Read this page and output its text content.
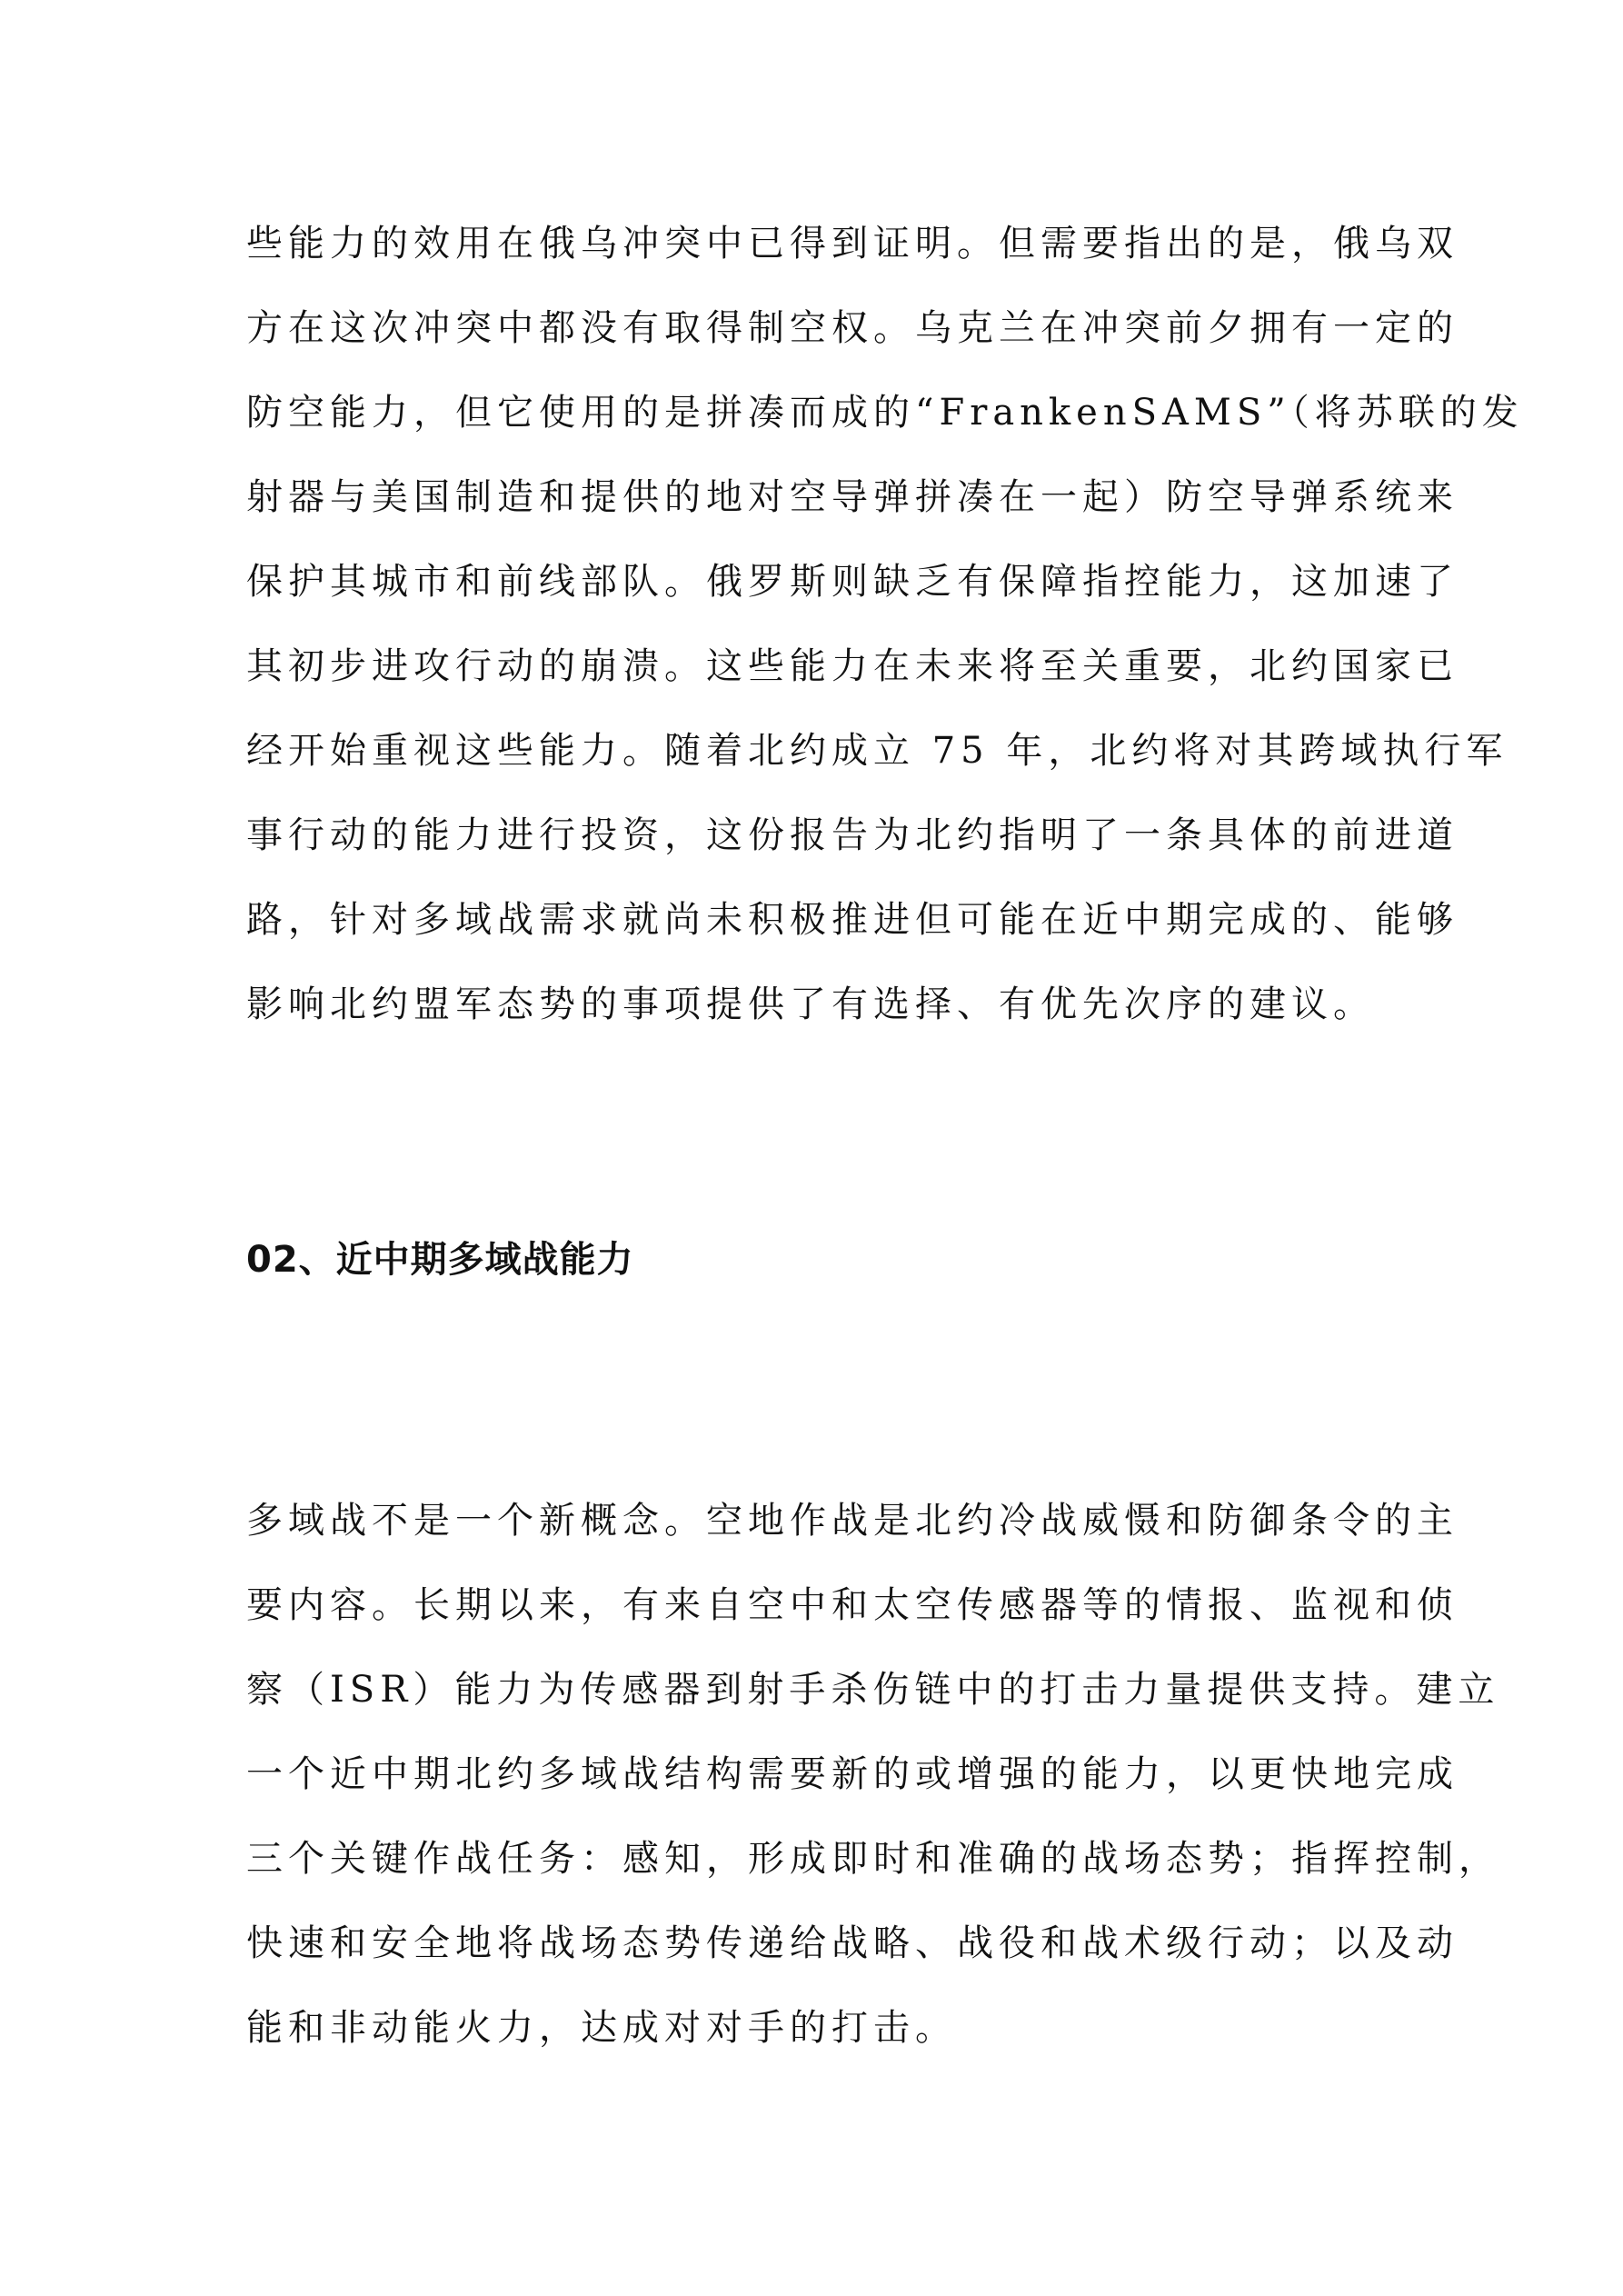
些能力的效用在俄乌冲突中已得到证明。但需要指出的是，俄乌双
方在这次冲突中都没有取得制空权。乌克兰在冲突前夕拥有一定的
防空能力，但它使用的是拼凑而成的“FrankenSAMS”（将苏联的发
射器与美国制造和提供的地对空导弹拼凑在一起）防空导弹系统来
保护其城市和前线部队。俄罗斯则缺乏有保障指控能力，这加速了
其初步进攻行动的崩溃。这些能力在未来将至关重要，北约国家已
经开始重视这些能力。随着北约成立 75 年，北约将对其跨域执行军
事行动的能力进行投资，这份报告为北约指明了一条具体的前进道
路，针对多域战需求就尚未积极推进但可能在近中期完成的、能够
影响北约盟军态势的事项提供了有选择、有优先次序的建议。
02、近中期多域战能力
多域战不是一个新概念。空地作战是北约冷战威慑和防御条令的主
要内容。长期以来，有来自空中和太空传感器等的情报、监视和侦
察（ISR）能力为传感器到射手杀伤链中的打击力量提供支持。建立
一个近中期北约多域战结构需要新的或增强的能力，以更快地完成
三个关键作战任务：感知，形成即时和准确的战场态势；指挥控制，
快速和安全地将战场态势传递给战略、战役和战术级行动；以及动
能和非动能火力，达成对对手的打击。
